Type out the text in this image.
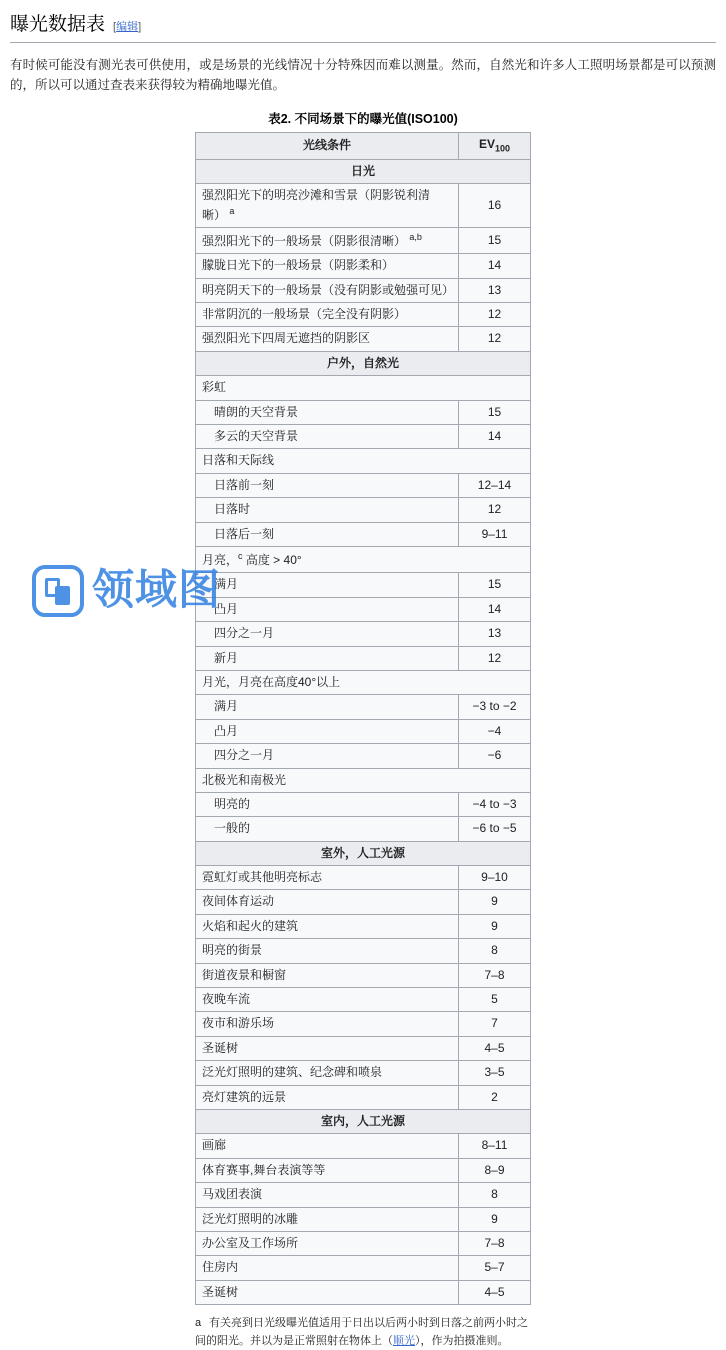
曝光数据表 [编辑]

有时候可能没有测光表可供使用，或是场景的光线情况十分特殊因而难以测量。然而，自然光和许多人工照明场景都是可以预测的，所以可以通过查表来获得较为精确地曝光值。

表2. 不同场景下的曝光值(ISO100)
光线条件	$EV_{100}$
日光	
强烈阳光下的明亮沙滩和雪景（阴影锐利清晰） $^a$	16
强烈阳光下的一般场景（阴影很清晰） $^{a,b}$	15
朦胧日光下的一般场景（阴影柔和）	14
明亮阴天下的一般场景（没有阴影或勉强可见）	13
非常阴沉的一般场景（完全没有阴影）	12
强烈阳光下四周无遮挡的阴影区	12
户外，自然光	
彩虹	
晴朗的天空背景	15
多云的天空背景	14
日落和天际线	
日落前一刻	12–14
日落时	12
日落后一刻	9–11
月亮，$^c$ 高度 > 40°	
满月	15
凸月	14
四分之一月	13
新月	12
月光，月亮在高度40°以上	
满月	−3 to −2
凸月	−4
四分之一月	−6
北极光和南极光	
明亮的	−4 to −3
一般的	−6 to −5
室外，人工光源	
霓虹灯或其他明亮标志	9–10
夜间体育运动	9
火焰和起火的建筑	9
明亮的街景	8
街道夜景和橱窗	7–8
夜晚车流	5
夜市和游乐场	7
圣诞树	4–5
泛光灯照明的建筑、纪念碑和喷泉	3–5
亮灯建筑的远景	2
室内，人工光源	
画廊	8–11
体育赛事,舞台表演等等	8–9
马戏团表演	8
泛光灯照明的冰雕	9
办公室及工作场所	7–8
住房内	5–7
圣诞树	4–5
a 有关亮到日光级曝光值适用于日出以后两小时到日落之前两小时之间的阳光。并以为是正常照射在物体上（顺光），作为拍摄准则。
领域图
